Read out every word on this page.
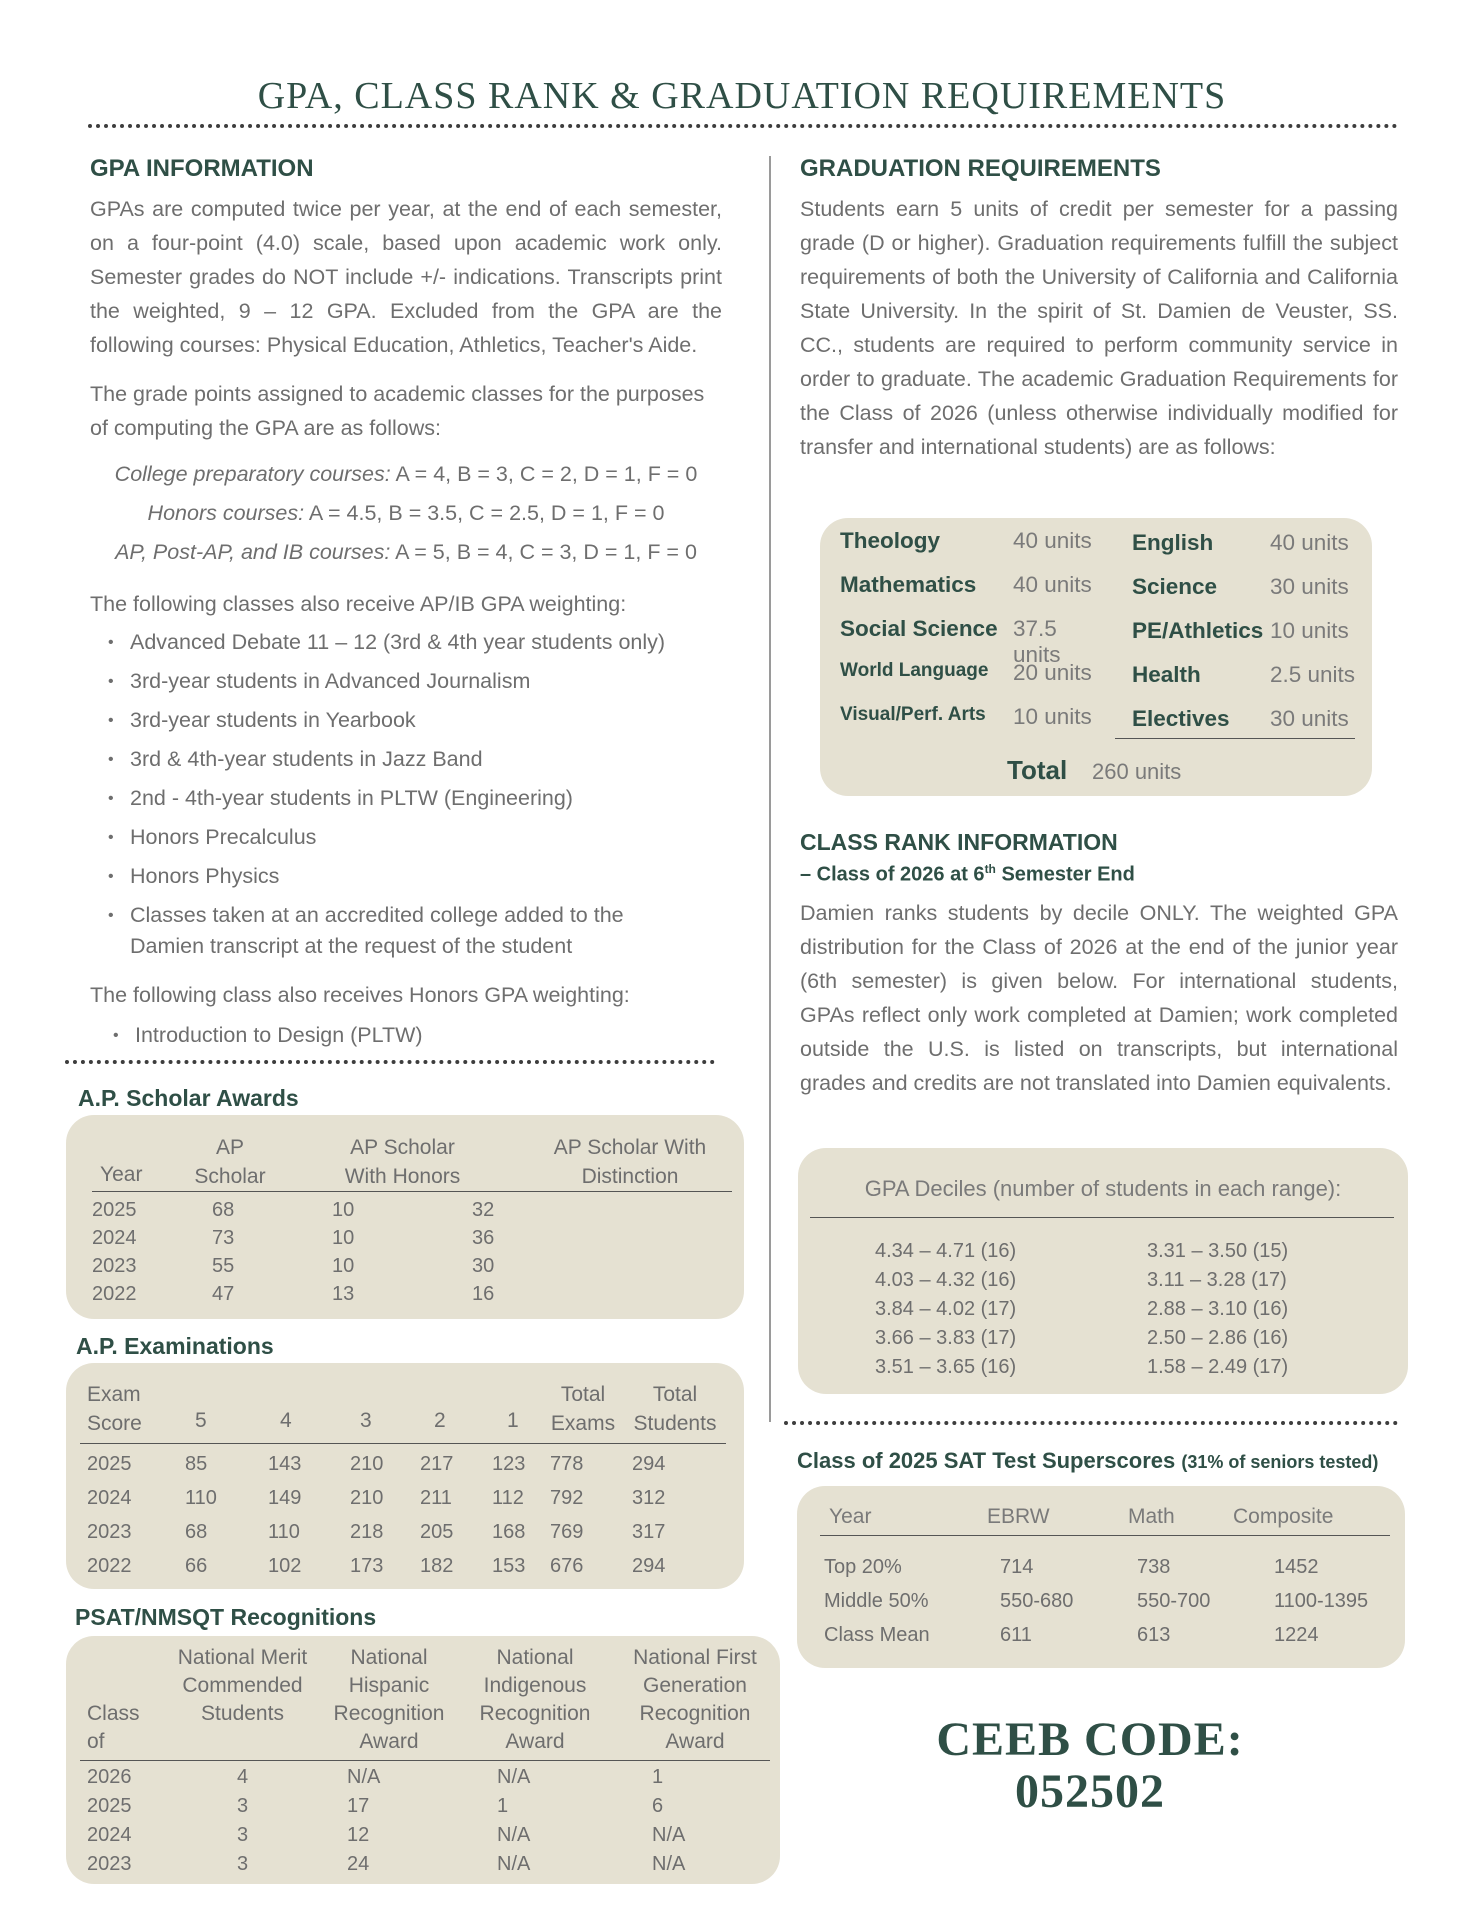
GPA, CLASS RANK & GRADUATION REQUIREMENTS
GPA INFORMATION
GPAs are computed twice per year, at the end of each semester, on a four-point (4.0) scale, based upon academic work only. Semester grades do NOT include +/- indications. Transcripts print the weighted, 9 – 12 GPA. Excluded from the GPA are the following courses: Physical Education, Athletics, Teacher's Aide.
The grade points assigned to academic classes for the purposes of computing the GPA are as follows:
College preparatory courses: A = 4, B = 3, C = 2, D = 1, F = 0
Honors courses: A = 4.5, B = 3.5, C = 2.5, D = 1, F = 0
AP, Post-AP, and IB courses: A = 5, B = 4, C = 3, D = 1, F = 0
The following classes also receive AP/IB GPA weighting:
• Advanced Debate 11 – 12 (3rd & 4th year students only)
• 3rd-year students in Advanced Journalism
• 3rd-year students in Yearbook
• 3rd & 4th-year students in Jazz Band
• 2nd - 4th-year students in PLTW (Engineering)
• Honors Precalculus
• Honors Physics
• Classes taken at an accredited college added to the Damien transcript at the request of the student
The following class also receives Honors GPA weighting:
• Introduction to Design (PLTW)
A.P. Scholar Awards
Year
AP Scholar
AP Scholar With Honors
AP Scholar With Distinction
2025	68	10	32
2024	73	10	36
2023	55	10	30
2022	47	13	16
A.P. Examinations
Exam Score	5	4	3	2	1
Total Exams
Total Students
2025	85	143	210	217	123	778	294
2024	110	149	210	211	112	792	312
2023	68	110	218	205	168	769	317
2022	66	102	173	182	153	676	294
PSAT/NMSQT Recognitions
Class of
National Merit Commended Students
National Hispanic Recognition Award
National Indigenous Recognition Award
National First Generation Recognition Award
2026	4	N/A	N/A	1
2025	3	17	1	6
2024	3	12	N/A	N/A
2023	3	24	N/A	N/A
GRADUATION REQUIREMENTS
Students earn 5 units of credit per semester for a passing grade (D or higher). Graduation requirements fulfill the subject requirements of both the University of California and California State University. In the spirit of St. Damien de Veuster, SS. CC., students are required to perform community service in order to graduate. The academic Graduation Requirements for the Class of 2026 (unless otherwise individually modified for transfer and international students) are as follows:
Theology	40 units
Mathematics 40 units
Social Science 37.5 units
World Language 20 units
Visual/Perf. Arts 10 units
English	40 units
Science 30 units
PE/Athletics 10 units
Health	2.5 units
Electives 30 units
Total 260 units
CLASS RANK INFORMATION
– Class of 2026 at 6th Semester End
Damien ranks students by decile ONLY. The weighted GPA distribution for the Class of 2026 at the end of the junior year (6th semester) is given below. For international students, GPAs reflect only work completed at Damien; work completed outside the U.S. is listed on transcripts, but international grades and credits are not translated into Damien equivalents.
GPA Deciles (number of students in each range):
4.34 – 4.71 (16)
4.03 – 4.32 (16)
3.84 – 4.02 (17)
3.66 – 3.83 (17)
3.51 – 3.65 (16)
3.31 – 3.50 (15)
3.11 – 3.28 (17)
2.88 – 3.10 (16)
2.50 – 2.86 (16)
1.58 – 2.49 (17)
Class of 2025 SAT Test Superscores (31% of seniors tested)
Year	EBRW	Math	Composite
Top 20%	714	738	1452
Middle 50%	550-680	550-700	1100-1395
Class Mean	611	613	1224
CEEB CODE:
052502
